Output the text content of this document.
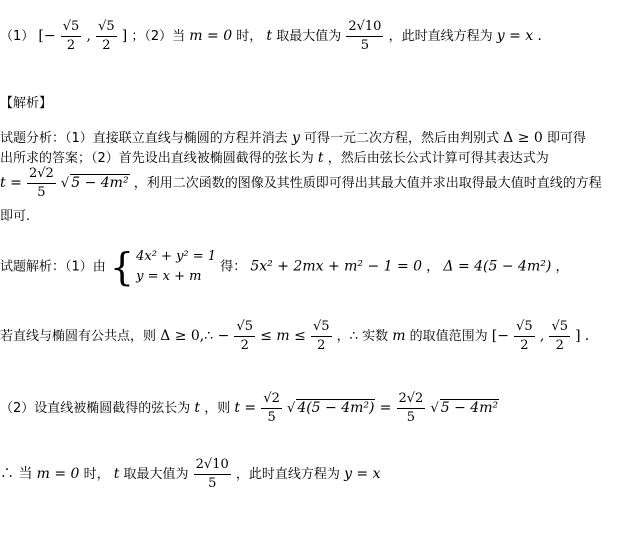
（1） [− $\frac{√5}{2}$ , $\frac{√5}{2}$ ] ；（2）当 m = 0 时， t 取最大值为 $\frac{2√10}{5}$ ，此时直线方程为 y = x .
【解析】
试题分析：（1）直接联立直线与椭圆的方程并消去 y 可得一元二次方程，然后由判别式 Δ ≥ 0 即可得
出所求的答案；（2）首先设出直线被椭圆截得的弦长为 t ，然后由弦长公式计算可得其表达式为
$t = \frac{2√2}{5}$ √ 5 − 4m² ，利用二次函数的图像及其性质即可得出其最大值并求出取得最大值时直线的方程
即可.
试题解析：（1）由 { 4x² + y² = 1
y = x + m
得： 5x² + 2mx + m² − 1 = 0 ， Δ = 4(5 − 4m²) ，
若直线与椭圆有公共点，则 Δ ≥ 0,∴ − $\frac{√5}{2} \le m \le \frac{√5}{2}$ ，∴ 实数 m 的取值范围为 [− $\frac{√5}{2}$ , $\frac{√5}{2}$ ] .
（2）设直线被椭圆截得的弦长为 t ，则 $t = \frac{√2}{5}$ √ $4(5 - 4m^2) = \frac{2√2}{5}$ √ 5 − 4m²
∴ 当 m = 0 时， t 取最大值为 $\frac{2√10}{5}$ ，此时直线方程为 y = x
